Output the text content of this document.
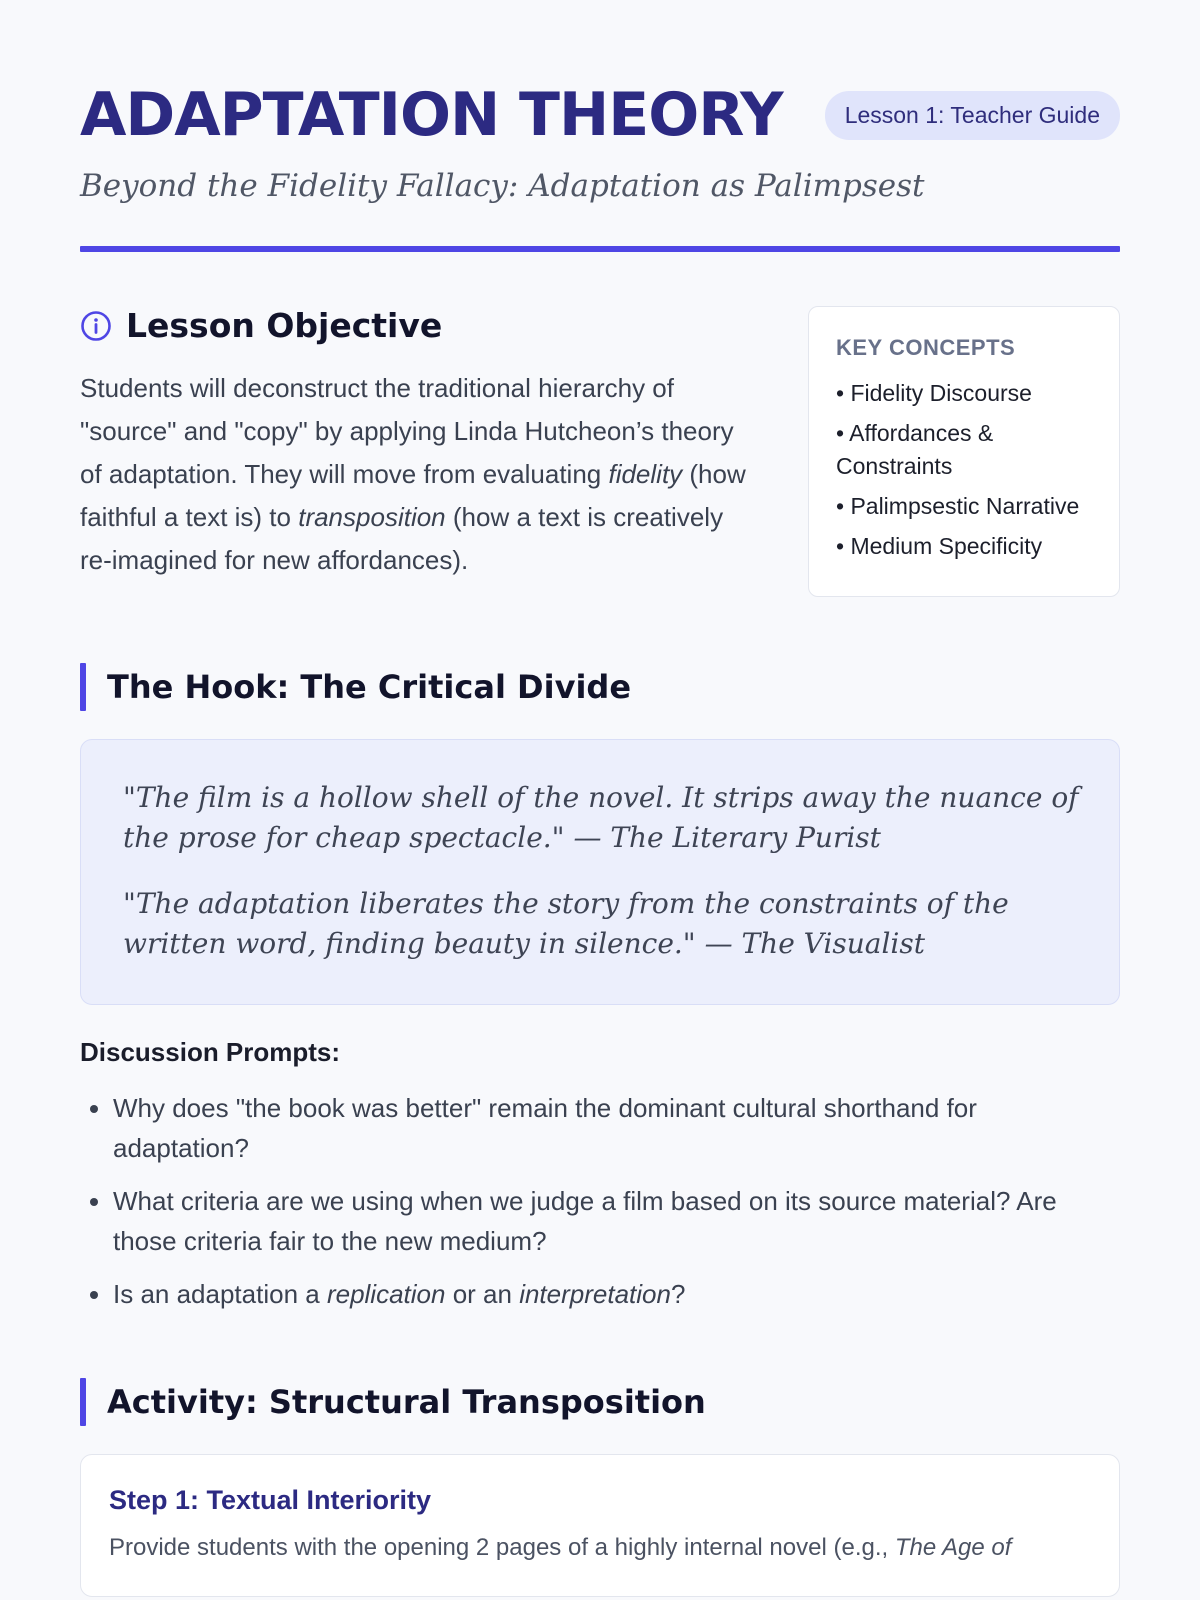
ADAPTATION THEORY	Lesson 1: Teacher Guide

Beyond the Fidelity Fallacy: Adaptation as Palimpsest

Lesson Objective

Students will deconstruct the traditional hierarchy of "source" and "copy" by applying Linda Hutcheon’s theory of adaptation. They will move from evaluating fidelity (how faithful a text is) to transposition (how a text is creatively re-imagined for new affordances).

KEY CONCEPTS
• Fidelity Discourse
• Affordances & Constraints
• Palimpsestic Narrative
• Medium Specificity
The Hook: The Critical Divide

"The film is a hollow shell of the novel. It strips away the nuance of the prose for cheap spectacle." — The Literary Purist

"The adaptation liberates the story from the constraints of the written word, finding beauty in silence." — The Visualist

Discussion Prompts:

• Why does "the book was better" remain the dominant cultural shorthand for adaptation?
• What criteria are we using when we judge a film based on its source material? Are those criteria fair to the new medium?
• Is an adaptation a replication or an interpretation?
Activity: Structural Transposition
Step 1: Textual Interiority

Provide students with the opening 2 pages of a highly internal novel (e.g., The Age of
